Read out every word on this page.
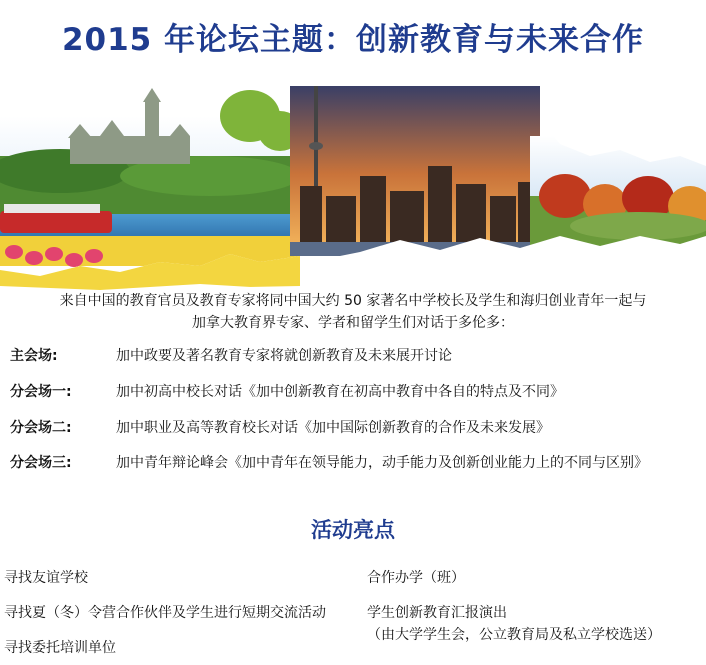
2015 年论坛主题：创新教育与未来合作
来自中国的教育官员及教育专家将同中国大约 50 家著名中学校长及学生和海归创业青年一起与
加拿大教育界专家、学者和留学生们对话于多伦多：
主会场:	加中政要及著名教育专家将就创新教育及未来展开讨论
分会场一:	加中初高中校长对话《加中创新教育在初高中教育中各自的特点及不同》
分会场二:	加中职业及高等教育校长对话《加中国际创新教育的合作及未来发展》
分会场三:	加中青年辩论峰会《加中青年在领导能力，动手能力及创新创业能力上的不同与区别》
活动亮点
寻找友谊学校
寻找夏（冬）令营合作伙伴及学生进行短期交流活动
寻找委托培训单位
合作办学（班）
学生创新教育汇报演出
（由大学学生会，公立教育局及私立学校选送）
